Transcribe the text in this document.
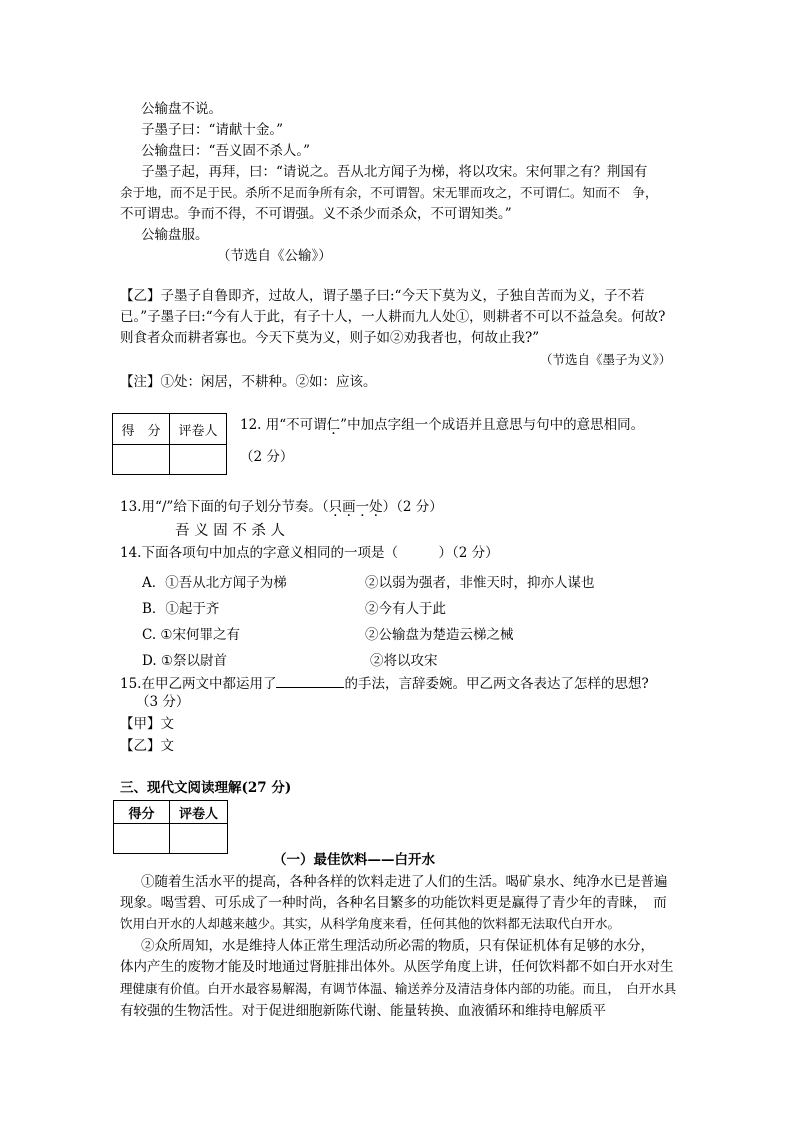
公输盘不说。
子墨子曰：“请献十金。”
公输盘曰：“吾义固不杀人。”
子墨子起，再拜，曰：“请说之。吾从北方闻子为梯，将以攻宋。宋何罪之有？荆国有
余于地，而不足于民。杀所不足而争所有余，不可谓智。宋无罪而攻之，不可谓仁。知而不　争，
不可谓忠。争而不得，不可谓强。义不杀少而杀众，不可谓知类。”
公输盘服。
（节选自《公输》）
【乙】子墨子自鲁即齐，过故人，谓子墨子曰:“今天下莫为义，子独自苦而为义，子不若
已。”子墨子曰:“今有人于此，有子十人，一人耕而九人处①，则耕者不可以不益急矣。何故?
则食者众而耕者寡也。今天下莫为义，则子如②劝我者也，何故止我?”
（节选自《墨子为义》）
【注】①处：闲居，不耕种。②如：应该。
得　分	评卷人
	12. 用“不可谓仁”中加点字组一个成语并且意思与句中的意思相同。
（2 分）
13.用“/”给下面的句子划分节奏。（只画一处）（2 分）
吾 义 固 不 杀 人
14.下面各项句中加点的字意义相同的一项是（　　　）（2 分）
A．①吾从北方闻子为梯	②以弱为强者，非惟天时，抑亦人谋也
B．①起于齐	②今有人于此
C. ①宋何罪之有	②公输盘为楚造云梯之械
D. ①祭以尉首	②将以攻宋
15.在甲乙两文中都运用了	的手法，言辞委婉。甲乙两文各表达了怎样的思想?
（3 分）
【甲】文
【乙】文
三、现代文阅读理解(27 分)
得分	评卷人

（一）最佳饮料——白开水
①随着生活水平的提高，各种各样的饮料走进了人们的生活。喝矿泉水、纯净水已是普遍
现象。喝雪碧、可乐成了一种时尚，各种名目繁多的功能饮料更是赢得了青少年的青睐，　而
饮用白开水的人却越来越少。其实，从科学角度来看，任何其他的饮料都无法取代白开水。
②众所周知，水是维持人体正常生理活动所必需的物质，只有保证机体有足够的水分，
体内产生的废物才能及时地通过肾脏排出体外。从医学角度上讲，任何饮料都不如白开水对生
理健康有价值。白开水最容易解渴，有调节体温、输送养分及清洁身体内部的功能。而且，　白开水具
有较强的生物活性。对于促进细胞新陈代谢、能量转换、血液循环和维持电解质平
